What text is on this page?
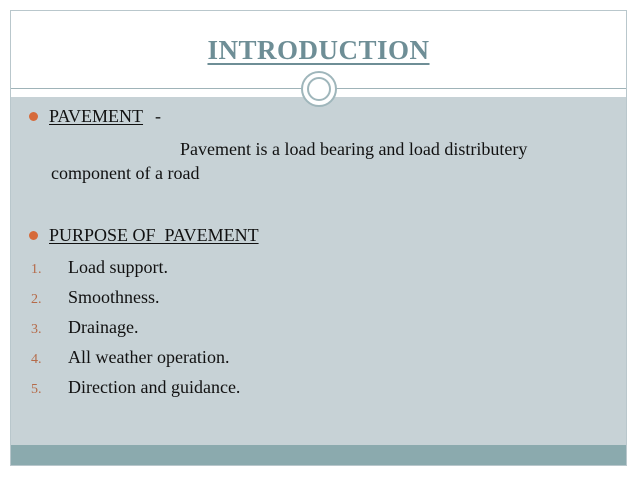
INTRODUCTION
PAVEMENT -
Pavement is a load bearing and load distributery
component of a road
PURPOSE OF  PAVEMENT
1. Load support.
2. Smoothness.
3. Drainage.
4. All weather operation.
5. Direction and guidance.
